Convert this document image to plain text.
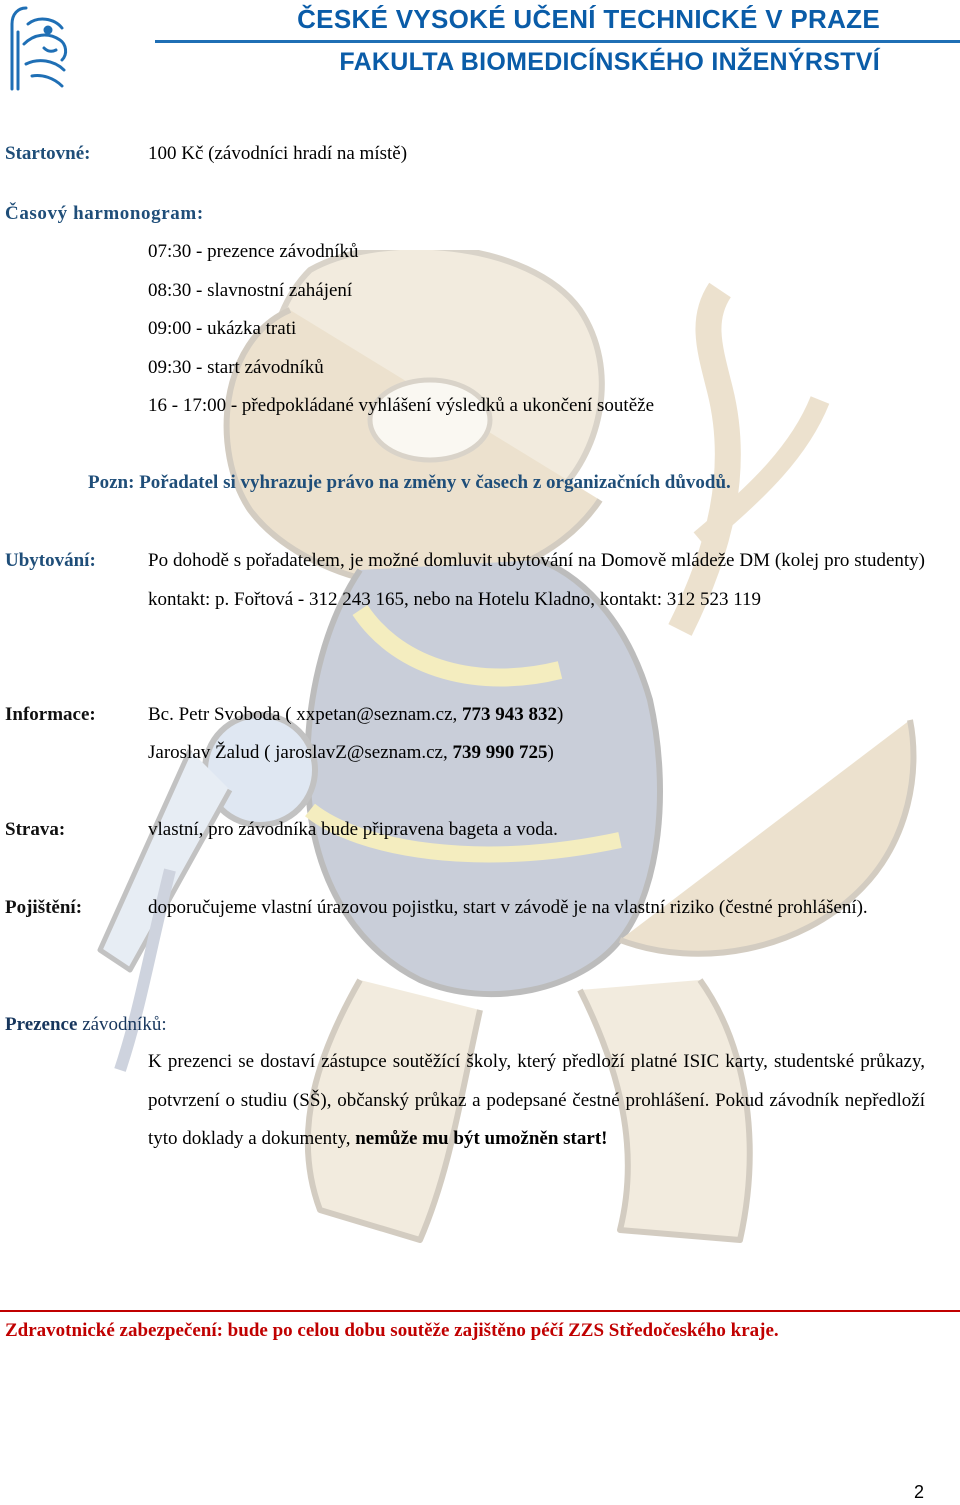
ČESKÉ VYSOKÉ UČENÍ TECHNICKÉ V PRAZE
FAKULTA BIOMEDICÍNSKÉHO INŽENÝRSTVÍ
Startovné:	100 Kč (závodníci hradí na místě)
Časový harmonogram:
07:30 - prezence závodníků
08:30 - slavnostní zahájení
09:00 - ukázka trati
09:30 - start závodníků
16 - 17:00 - předpokládané vyhlášení výsledků a ukončení soutěže
Pozn: Pořadatel si vyhrazuje právo na změny v časech z organizačních důvodů.
Ubytování:	Po dohodě s pořadatelem, je možné domluvit ubytování na Domově mládeže DM (kolej pro studenty) kontakt: p. Fořtová - 312 243 165, nebo na Hotelu Kladno, kontakt: 312 523 119
Informace:	Bc. Petr Svoboda ( xxpetan@seznam.cz, 773 943 832)
Jaroslav Žalud ( jaroslavZ@seznam.cz, 739 990 725)
Strava:	vlastní, pro závodníka bude připravena bageta a voda.
Pojištění:	doporučujeme vlastní úrazovou pojistku, start v závodě je na vlastní riziko (čestné prohlášení).
Prezence závodníků:
K prezenci se dostaví zástupce soutěžící školy, který předloží platné ISIC karty, studentské průkazy, potvrzení o studiu (SŠ), občanský průkaz a podepsané čestné prohlášení. Pokud závodník nepředloží tyto doklady a dokumenty, nemůže mu být umožněn start!
Zdravotnické zabezpečení: bude po celou dobu soutěže zajištěno péčí ZZS Středočeského kraje.
2
